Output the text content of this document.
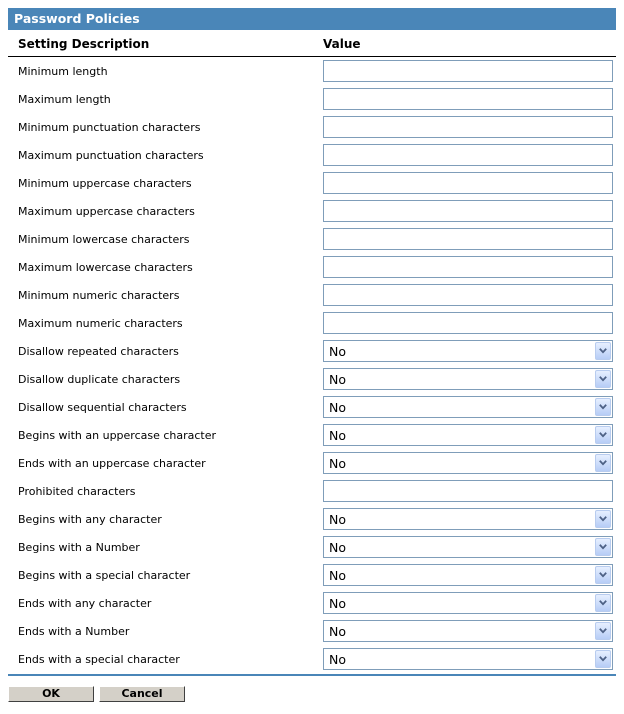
Password Policies
Setting Description	Value
Minimum length
Maximum length
Minimum punctuation characters
Maximum punctuation characters
Minimum uppercase characters
Maximum uppercase characters
Minimum lowercase characters
Maximum lowercase characters
Minimum numeric characters
Maximum numeric characters
Disallow repeated characters	No
Disallow duplicate characters	No
Disallow sequential characters	No
Begins with an uppercase character	No
Ends with an uppercase character	No
Prohibited characters
Begins with any character	No
Begins with a Number	No
Begins with a special character	No
Ends with any character	No
Ends with a Number	No
Ends with a special character	No
OK	Cancel
